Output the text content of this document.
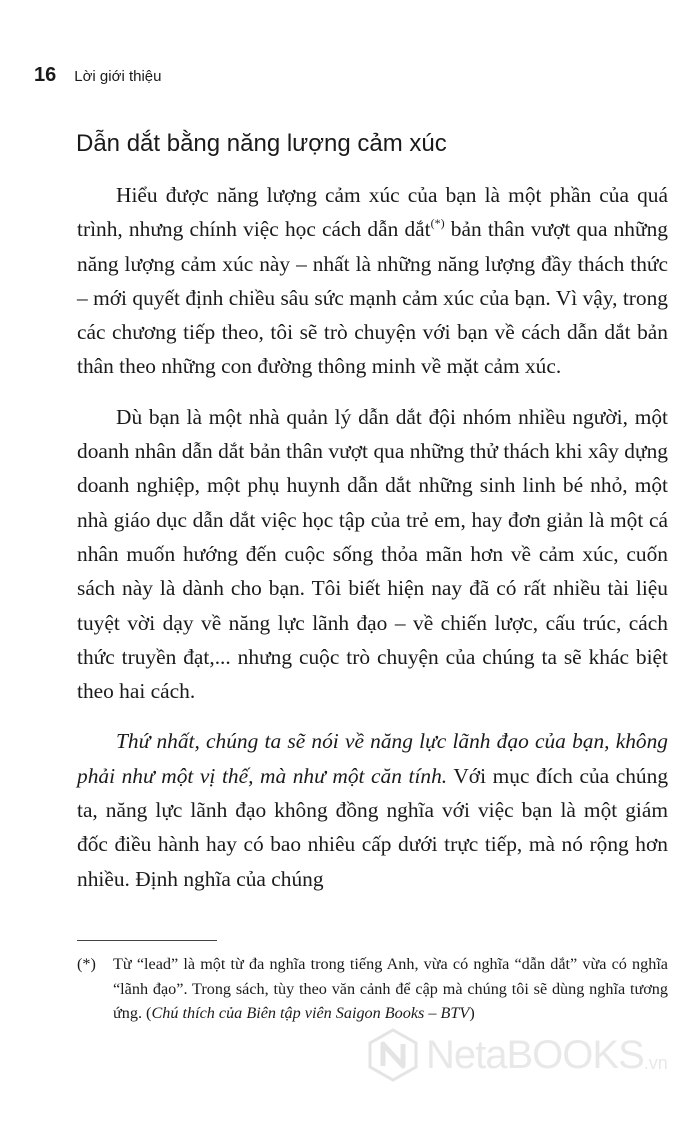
16 Lời giới thiệu
Dẫn dắt bằng năng lượng cảm xúc

Hiểu được năng lượng cảm xúc của bạn là một phần của quá trình, nhưng chính việc học cách dẫn dắt(*) bản thân vượt qua những năng lượng cảm xúc này – nhất là những năng lượng đầy thách thức – mới quyết định chiều sâu sức mạnh cảm xúc của bạn. Vì vậy, trong các chương tiếp theo, tôi sẽ trò chuyện với bạn về cách dẫn dắt bản thân theo những con đường thông minh về mặt cảm xúc.

Dù bạn là một nhà quản lý dẫn dắt đội nhóm nhiều người, một doanh nhân dẫn dắt bản thân vượt qua những thử thách khi xây dựng doanh nghiệp, một phụ huynh dẫn dắt những sinh linh bé nhỏ, một nhà giáo dục dẫn dắt việc học tập của trẻ em, hay đơn giản là một cá nhân muốn hướng đến cuộc sống thỏa mãn hơn về cảm xúc, cuốn sách này là dành cho bạn. Tôi biết hiện nay đã có rất nhiều tài liệu tuyệt vời dạy về năng lực lãnh đạo – về chiến lược, cấu trúc, cách thức truyền đạt,... nhưng cuộc trò chuyện của chúng ta sẽ khác biệt theo hai cách.

Thứ nhất, chúng ta sẽ nói về năng lực lãnh đạo của bạn, không phải như một vị thế, mà như một căn tính. Với mục đích của chúng ta, năng lực lãnh đạo không đồng nghĩa với việc bạn là một giám đốc điều hành hay có bao nhiêu cấp dưới trực tiếp, mà nó rộng hơn nhiều. Định nghĩa của chúng

(*)	Từ “lead” là một từ đa nghĩa trong tiếng Anh, vừa có nghĩa “dẫn dắt” vừa có nghĩa “lãnh đạo”. Trong sách, tùy theo văn cảnh để cập mà chúng tôi sẽ dùng nghĩa tương ứng. (Chú thích của Biên tập viên Saigon Books – BTV)
NetaBOOKS .vn
